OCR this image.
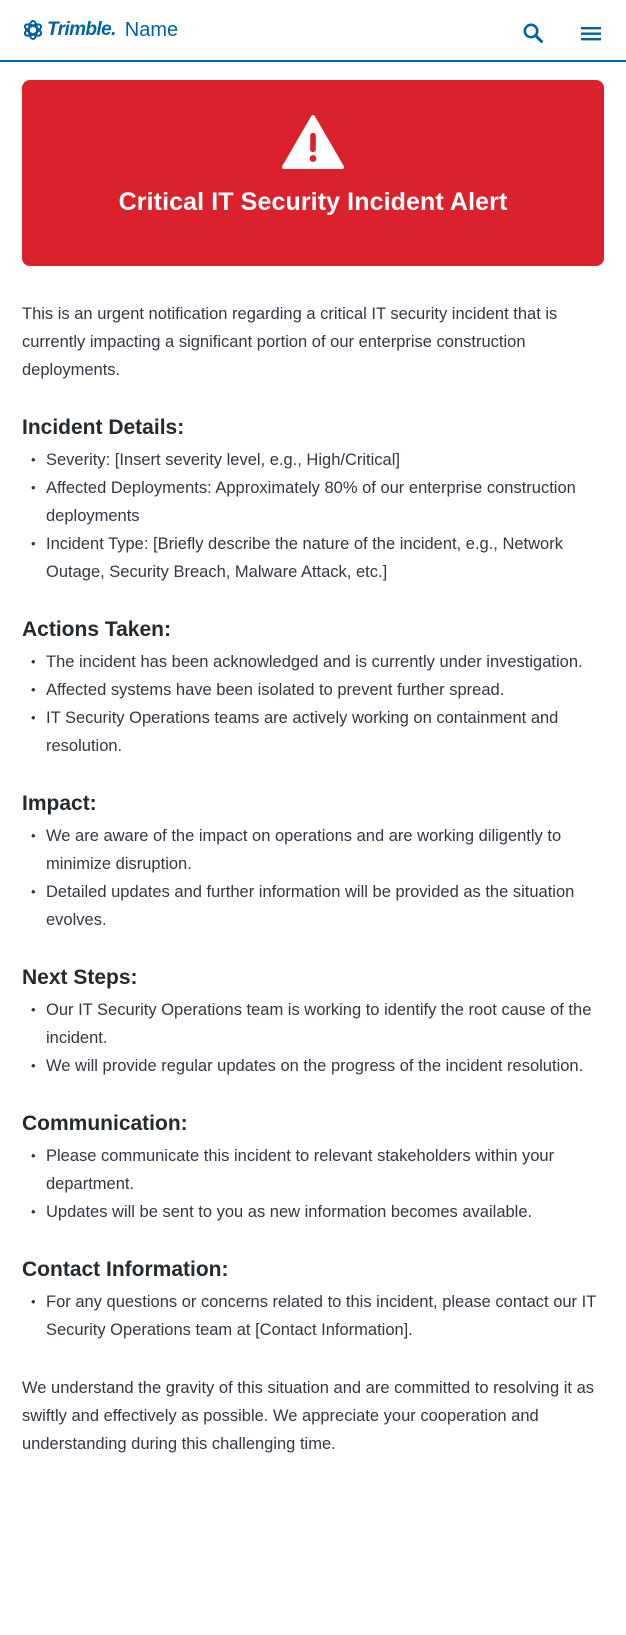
Trimble. Name
Critical IT Security Incident Alert

This is an urgent notification regarding a critical IT security incident that is currently impacting a significant portion of our enterprise construction deployments.

Incident Details:
• Severity: [Insert severity level, e.g., High/Critical]
• Affected Deployments: Approximately 80% of our enterprise construction deployments
• Incident Type: [Briefly describe the nature of the incident, e.g., Network Outage, Security Breach, Malware Attack, etc.]
Actions Taken:
• The incident has been acknowledged and is currently under investigation.
• Affected systems have been isolated to prevent further spread.
• IT Security Operations teams are actively working on containment and resolution.
Impact:
• We are aware of the impact on operations and are working diligently to minimize disruption.
• Detailed updates and further information will be provided as the situation evolves.
Next Steps:
• Our IT Security Operations team is working to identify the root cause of the incident.
• We will provide regular updates on the progress of the incident resolution.
Communication:
• Please communicate this incident to relevant stakeholders within your department.
• Updates will be sent to you as new information becomes available.
Contact Information:
• For any questions or concerns related to this incident, please contact our IT Security Operations team at [Contact Information].

We understand the gravity of this situation and are committed to resolving it as swiftly and effectively as possible. We appreciate your cooperation and understanding during this challenging time.
